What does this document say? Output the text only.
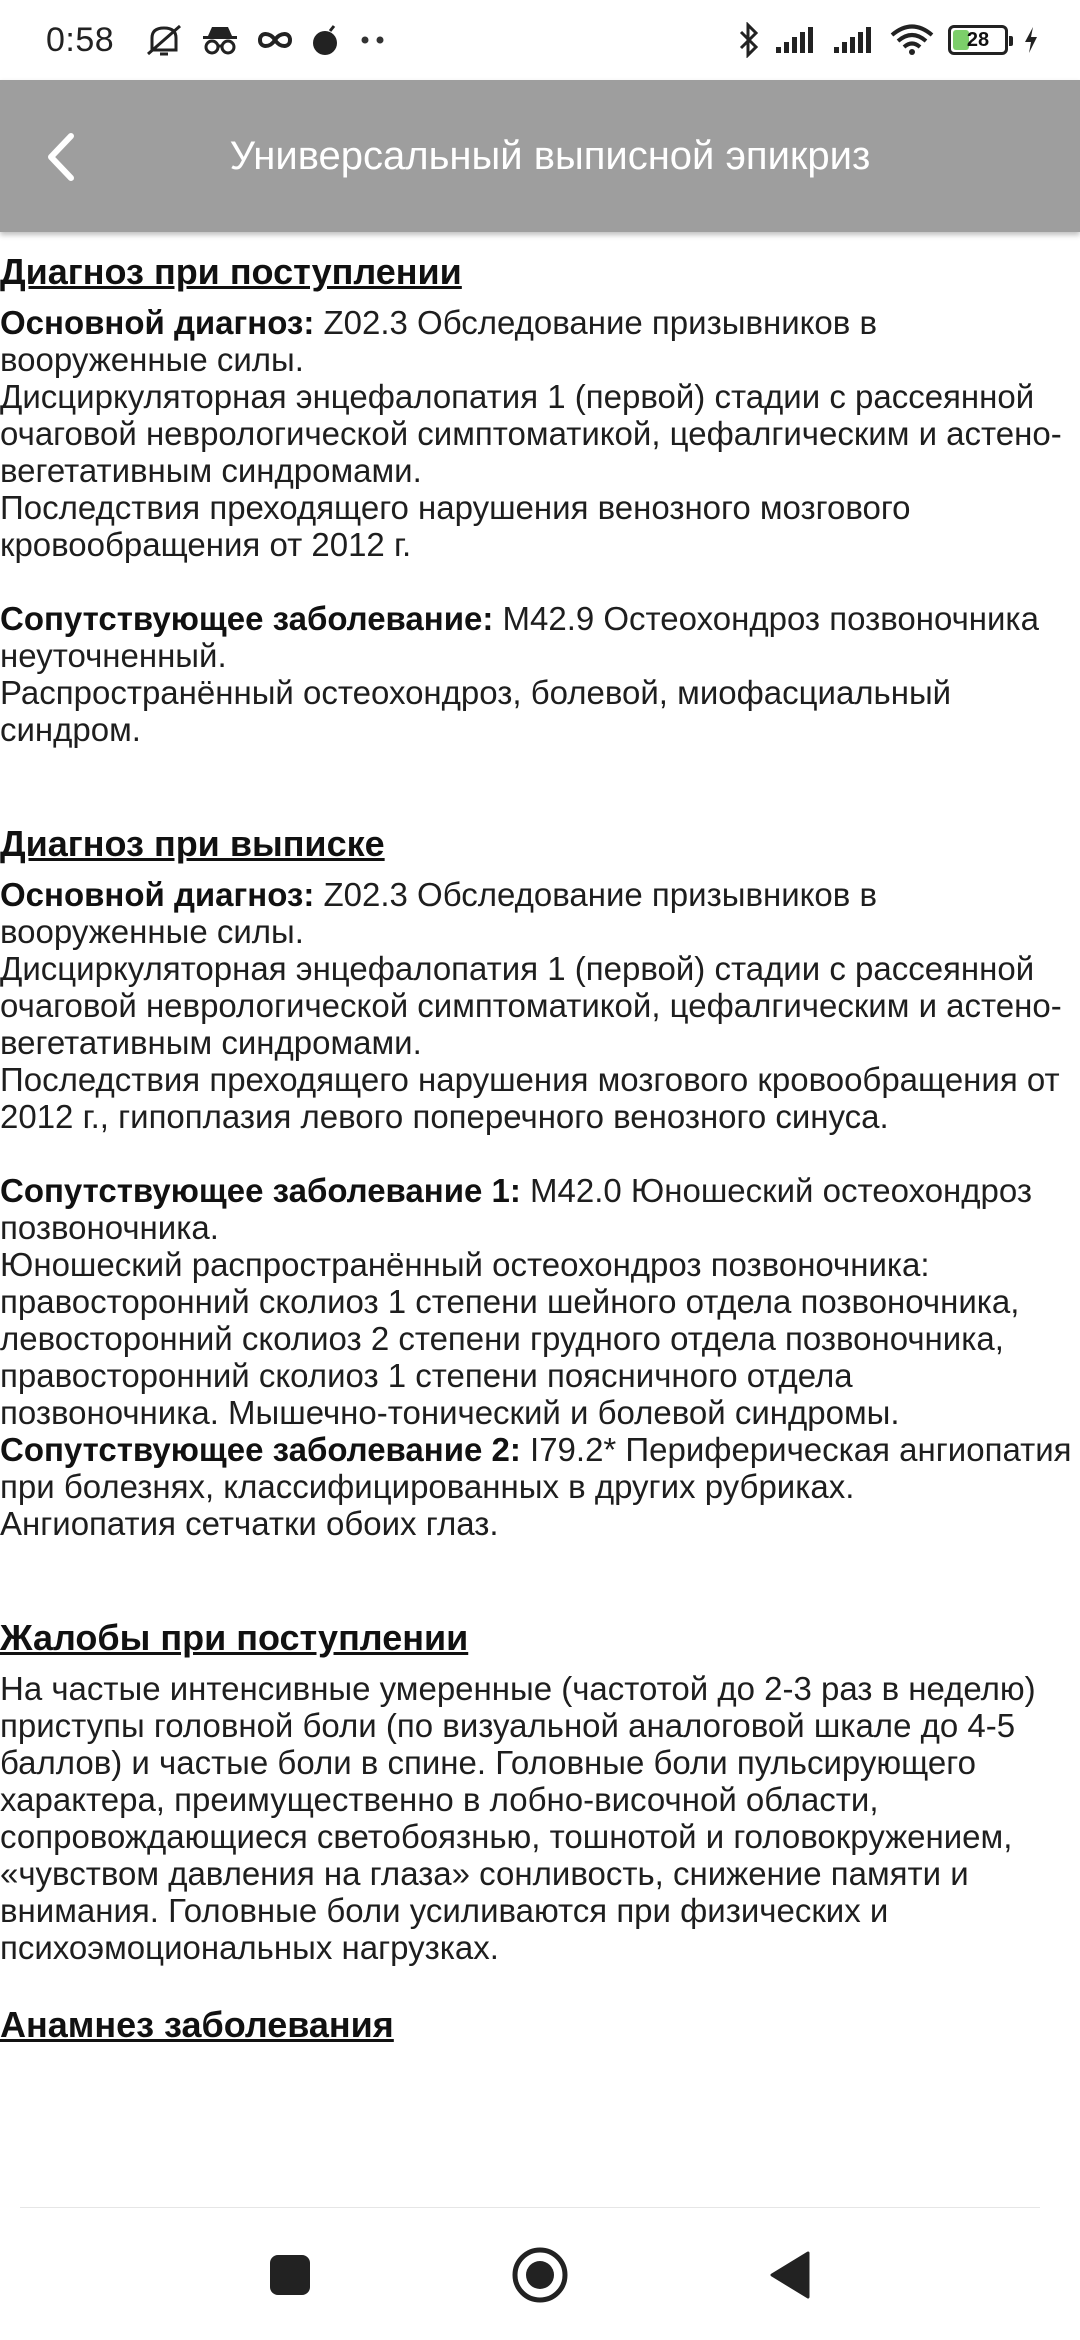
0:58	28
Универсальный выписной эпикриз
Диагноз при поступлении

Основной диагноз: Z02.3 Обследование призывников в вооруженные силы.

Дисциркуляторная энцефалопатия 1 (первой) стадии с рассеянной очаговой неврологической симптоматикой, цефалгическим и астено-вегетативным синдромами.

Последствия преходящего нарушения венозного мозгового кровообращения от 2012 г.

Сопутствующее заболевание: M42.9 Остеохондроз позвоночника неуточненный.

Распространённый остеохондроз, болевой, миофасциальный синдром.

Диагноз при выписке

Основной диагноз: Z02.3 Обследование призывников в вооруженные силы.

Дисциркуляторная энцефалопатия 1 (первой) стадии с рассеянной очаговой неврологической симптоматикой, цефалгическим и астено-вегетативным синдромами.

Последствия преходящего нарушения мозгового кровообращения от 2012 г., гипоплазия левого поперечного венозного синуса.

Сопутствующее заболевание 1: M42.0 Юношеский остеохондроз позвоночника.

Юношеский распространённый остеохондроз позвоночника: правосторонний сколиоз 1 степени шейного отдела позвоночника, левосторонний сколиоз 2 степени грудного отдела позвоночника, правосторонний сколиоз 1 степени поясничного отдела позвоночника. Мышечно-тонический и болевой синдромы.

Сопутствующее заболевание 2: I79.2* Периферическая ангиопатия при болезнях, классифицированных в других рубриках.

Ангиопатия сетчатки обоих глаз.

Жалобы при поступлении

На частые интенсивные умеренные (частотой до 2-3 раз в неделю) приступы головной боли (по визуальной аналоговой шкале до 4-5 баллов) и частые боли в спине. Головные боли пульсирующего характера, преимущественно в лобно-височной области, сопровождающиеся светобоязнью, тошнотой и головокружением, «чувством давления на глаза» сонливость, снижение памяти и внимания. Головные боли усиливаются при физических и психоэмоциональных нагрузках.

Анамнез заболевания
